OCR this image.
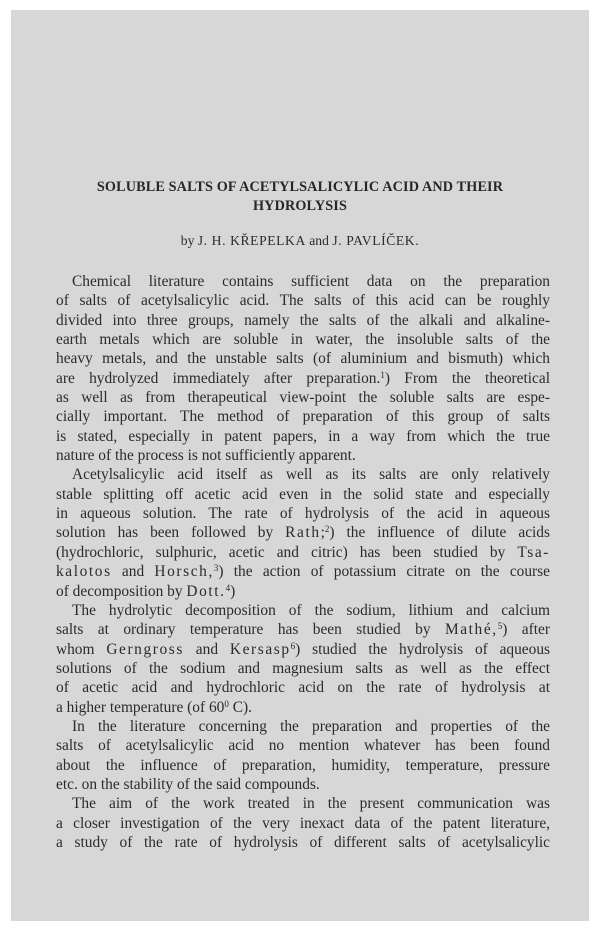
SOLUBLE SALTS OF ACETYLSALICYLIC ACID AND THEIR
HYDROLYSIS
by J. H. KŘEPELKA and J. PAVLÍČEK.
Chemical literature contains sufficient data on the preparation
of salts of acetylsalicylic acid. The salts of this acid can be roughly
divided into three groups, namely the salts of the alkali and alkaline-
earth metals which are soluble in water, the insoluble salts of the
heavy metals, and the unstable salts (of aluminium and bismuth) which
are hydrolyzed immediately after preparation.$^1$) From the theoretical
as well as from therapeutical view-point the soluble salts are espe-
cially important. The method of preparation of this group of salts
is stated, especially in patent papers, in a way from which the true
nature of the process is not sufficiently apparent.
Acetylsalicylic acid itself as well as its salts are only relatively
stable splitting off acetic acid even in the solid state and especially
in aqueous solution. The rate of hydrolysis of the acid in aqueous
solution has been followed by Rath;$^2$) the influence of dilute acids
(hydrochloric, sulphuric, acetic and citric) has been studied by Tsa-
kalotos and Horsch,$^3$) the action of potassium citrate on the course
of decomposition by Dott.$^4$)
The hydrolytic decomposition of the sodium, lithium and calcium
salts at ordinary temperature has been studied by Mathé,$^5$) after
whom Gerngross and Kersasp$^6$) studied the hydrolysis of aqueous
solutions of the sodium and magnesium salts as well as the effect
of acetic acid and hydrochloric acid on the rate of hydrolysis at
a higher temperature (of $60^0$ C).
In the literature concerning the preparation and properties of the
salts of acetylsalicylic acid no mention whatever has been found
about the influence of preparation, humidity, temperature, pressure
etc. on the stability of the said compounds.
The aim of the work treated in the present communication was
a closer investigation of the very inexact data of the patent literature,
a study of the rate of hydrolysis of different salts of acetylsalicylic
